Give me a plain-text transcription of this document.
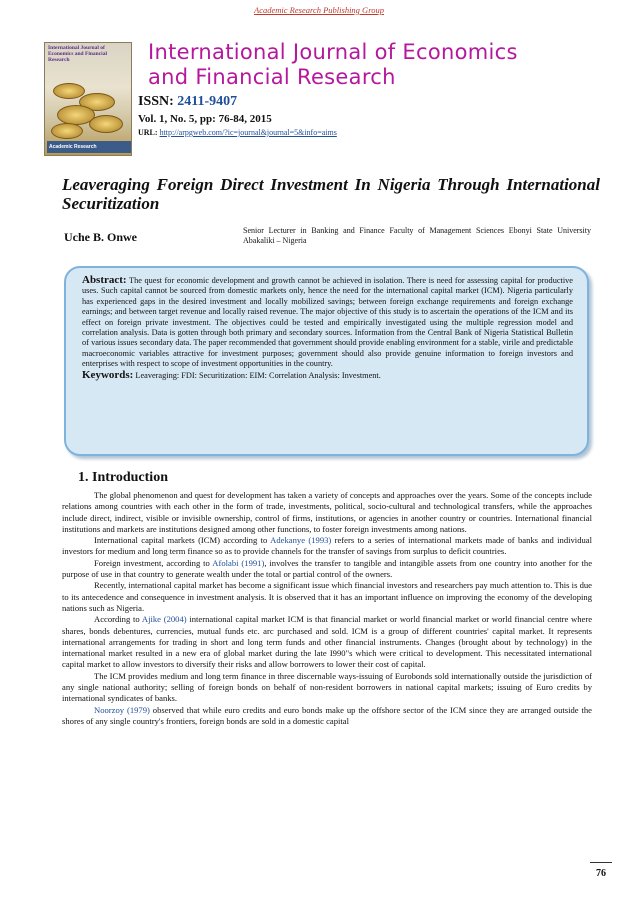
Academic Research Publishing Group
International Journal of Economics and Financial Research
Academic Research
International Journal of Economics
and Financial Research
ISSN: 2411-9407
Vol. 1, No. 5, pp: 76-84, 2015
URL: http://arpgweb.com/?ic=journal&journal=5&info=aims
Leaveraging Foreign Direct Investment In Nigeria Through International Securitization
Uche B. Onwe	Senior Lecturer in Banking and Finance Faculty of Management Sciences Ebonyi State University Abakaliki – Nigeria

Abstract: The quest for economic development and growth cannot be achieved in isolation. There is need for assessing capital for productive uses. Such capital cannot be sourced from domestic markets only, hence the need for the international capital market (ICM). Nigeria particularly has experienced gaps in the desired investment and locally mobilized savings; between foreign exchange requirements and foreign exchange earnings; and between target revenue and locally raised revenue. The major objective of this study is to ascertain the operations of the ICM and its effect on foreign private investment. The objectives could be tested and empirically investigated using the multiple regression model and correlation analysis. Data is gotten through both primary and secondary sources. Information from the Central Bank of Nigeria Statistical Bulletin of various issues secondary data. The paper recommended that government should provide enabling environment for a stable, virile and predictable macroeconomic variables attractive for investment purposes; government should also provide genuine information to foreign investors and enterprises with respect to scope of investment opportunities in the country.

Keywords: Leaveraging: FDI: Securitization: EIM: Correlation Analysis: Investment.

1. Introduction

The global phenomenon and quest for development has taken a variety of concepts and approaches over the years. Some of the concepts include relations among countries with each other in the form of trade, investments, political, socio-cultural and technological transfers, while the approaches include direct, indirect, visible or invisible ownership, control of firms, institutions, or agencies in another country or countries. International financial institutions and markets are institutions designed among other functions, to foster foreign investments among nations.

International capital markets (ICM) according to Adekanye (1993) refers to a series of international markets made of banks and individual investors for medium and long term finance so as to provide channels for the transfer of savings from surplus to deficit countries.

Foreign investment, according to Afolabi (1991), involves the transfer to tangible and intangible assets from one country into another for the purpose of use in that country to generate wealth under the total or partial control of the owners.

Recently, international capital market has become a significant issue which financial investors and researchers pay much attention to. This is due to its antecedence and consequence in investment analysis. It is observed that it has an important influence on improving the economy of the developing nations such as Nigeria.

According to Ajike (2004) international capital market ICM is that financial market or world financial market or world financial centre where shares, bonds debentures, currencies, mutual funds etc. arc purchased and sold. ICM is a group of different countries' capital market. It represents international arrangements for trading in short and long term funds and other financial instruments. Changes (brought about by technology) in the international market resulted in a new era of global market during the late I990"s which were critical to development. This necessitated international capital market to allow investors to diversify their risks and allow borrowers to lower their cost of capital.

The ICM provides medium and long term finance in three discernable ways-issuing of Eurobonds sold internationally outside the jurisdiction of any single national authority; selling of foreign bonds on behalf of non-resident borrowers in national capital markets; issuing of Euro credits by international syndicates of banks.

Noorzoy (1979) observed that while euro credits and euro bonds make up the offshore sector of the ICM since they are arranged outside the shores of any single country's frontiers, foreign bonds are sold in a domestic capital

76
